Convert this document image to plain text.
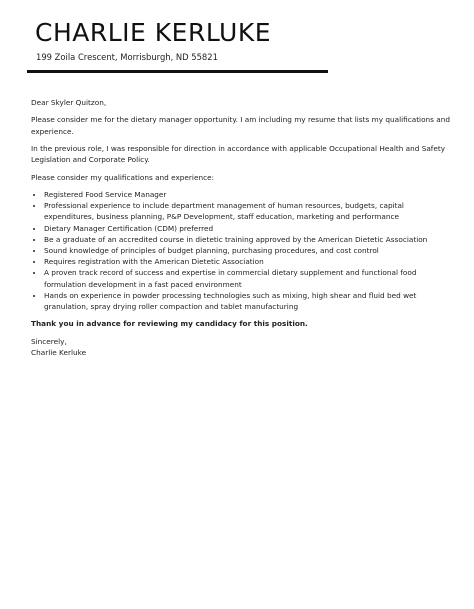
CHARLIE KERLUKE
199 Zoila Crescent, Morrisburgh, ND 55821

Dear Skyler Quitzon,

Please consider me for the dietary manager opportunity. I am including my resume that lists my qualifications and experience.

In the previous role, I was responsible for direction in accordance with applicable Occupational Health and Safety Legislation and Corporate Policy.

Please consider my qualifications and experience:

• Registered Food Service Manager
• Professional experience to include department management of human resources, budgets, capital expenditures, business planning, P&P Development, staff education, marketing and performance
• Dietary Manager Certification (CDM) preferred
• Be a graduate of an accredited course in dietetic training approved by the American Dietetic Association
• Sound knowledge of principles of budget planning, purchasing procedures, and cost control
• Requires registration with the American Dietetic Association
• A proven track record of success and expertise in commercial dietary supplement and functional food formulation development in a fast paced environment
• Hands on experience in powder processing technologies such as mixing, high shear and fluid bed wet granulation, spray drying roller compaction and tablet manufacturing

Thank you in advance for reviewing my candidacy for this position.

Sincerely,

Charlie Kerluke
